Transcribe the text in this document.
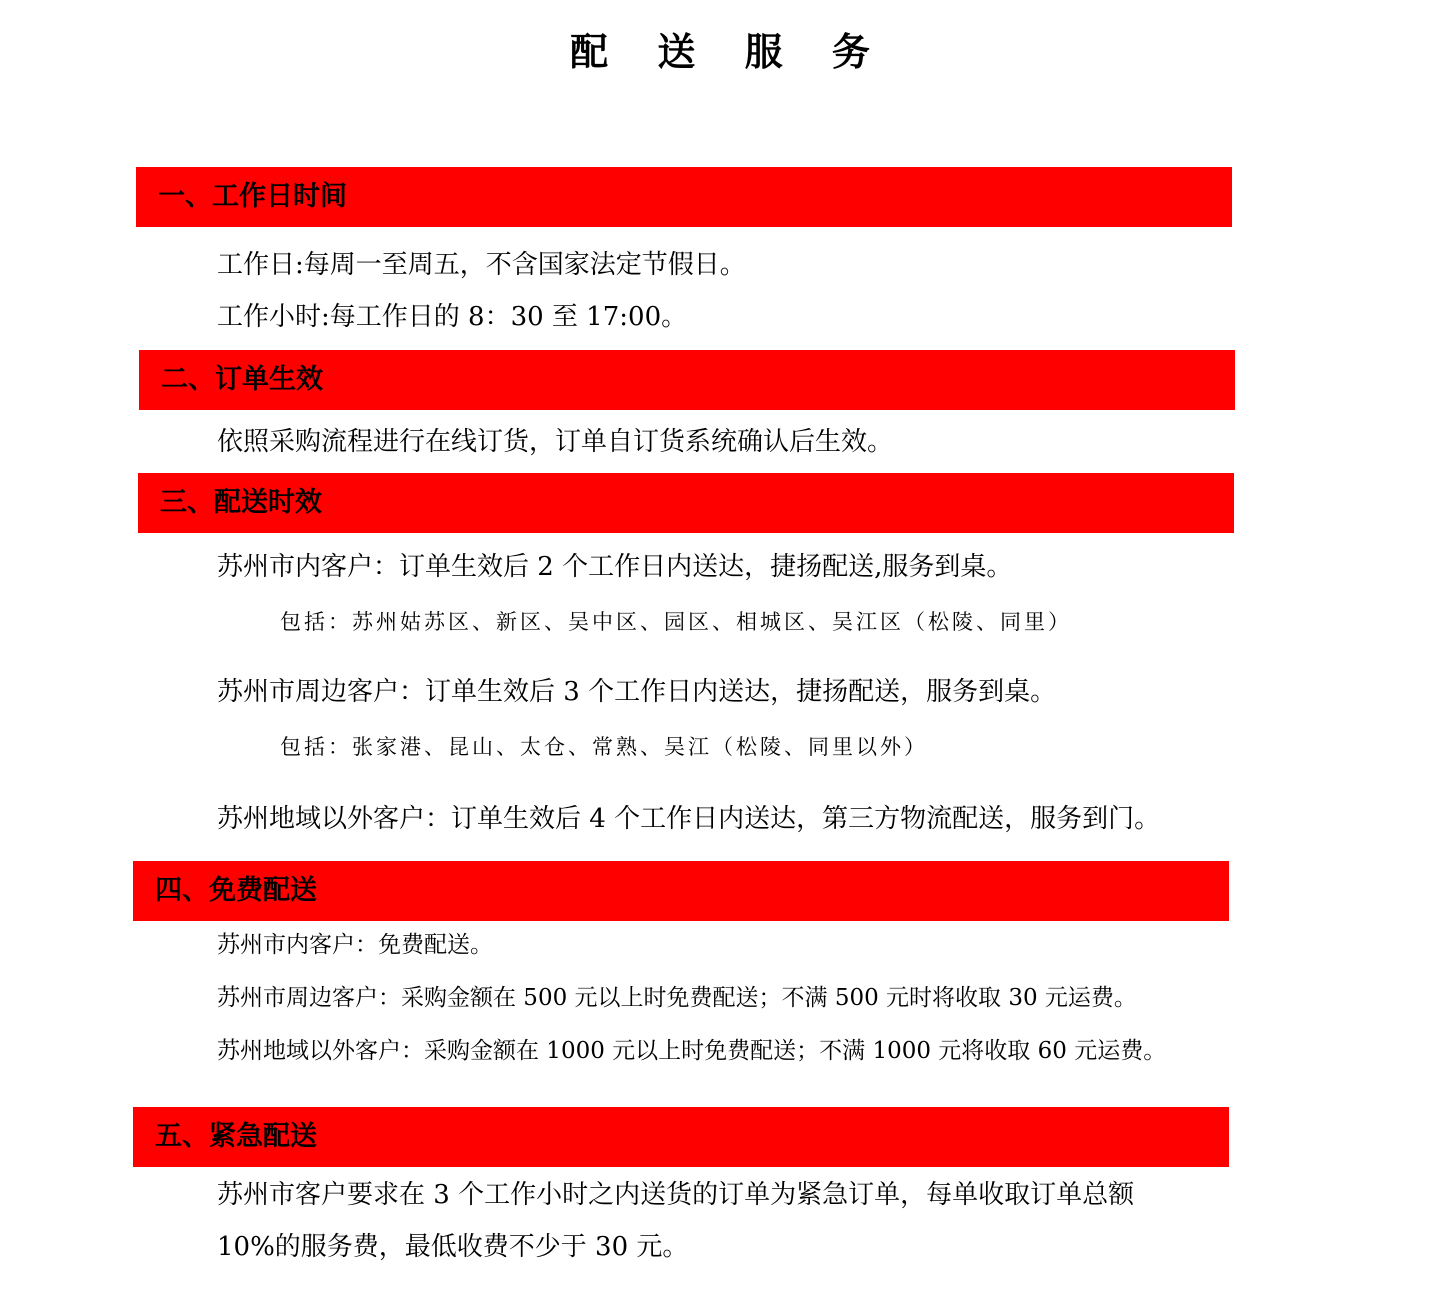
配 送 服 务
一、工作日时间
工作日:每周一至周五，不含国家法定节假日。
工作小时:每工作日的 8：30 至 17:00。
二、订单生效
依照采购流程进行在线订货，订单自订货系统确认后生效。
三、配送时效
苏州市内客户：订单生效后 2 个工作日内送达，捷扬配送,服务到桌。
包括：苏州姑苏区、新区、吴中区、园区、相城区、吴江区（松陵、同里）
苏州市周边客户：订单生效后 3 个工作日内送达，捷扬配送，服务到桌。
包括：张家港、昆山、太仓、常熟、吴江（松陵、同里以外）
苏州地域以外客户：订单生效后 4 个工作日内送达，第三方物流配送，服务到门。
四、免费配送
苏州市内客户：免费配送。
苏州市周边客户：采购金额在 500 元以上时免费配送；不满 500 元时将收取 30 元运费。
苏州地域以外客户：采购金额在 1000 元以上时免费配送；不满 1000 元将收取 60 元运费。
五、紧急配送
苏州市客户要求在 3 个工作小时之内送货的订单为紧急订单，每单收取订单总额
10%的服务费，最低收费不少于 30 元。
